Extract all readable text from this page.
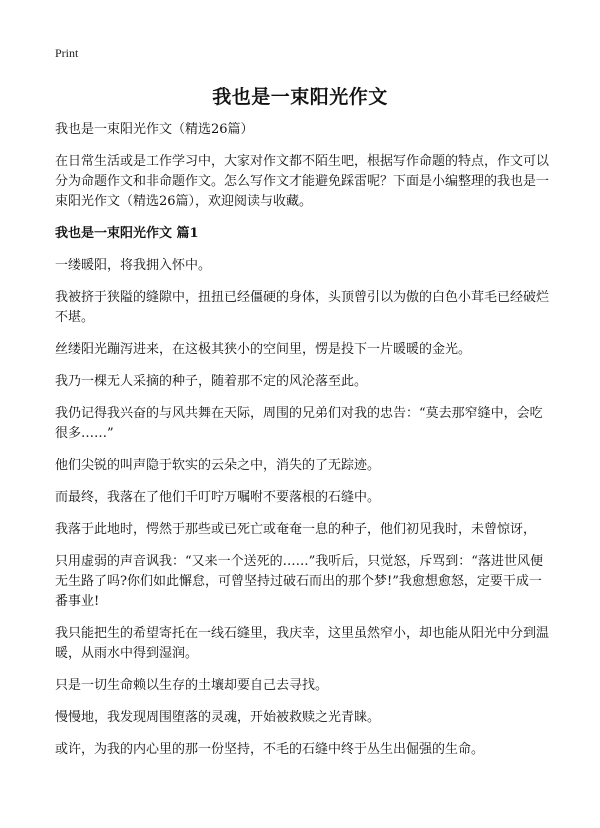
Print
我也是一束阳光作文

我也是一束阳光作文（精选26篇）

在日常生活或是工作学习中，大家对作文都不陌生吧，根据写作命题的特点，作文可以分为命题作文和非命题作文。怎么写作文才能避免踩雷呢？下面是小编整理的我也是一束阳光作文（精选26篇），欢迎阅读与收藏。

我也是一束阳光作文 篇1

一缕暖阳，将我拥入怀中。

我被挤于狭隘的缝隙中，扭扭已经僵硬的身体，头顶曾引以为傲的白色小茸毛已经破烂不堪。

丝缕阳光蹦泻进来，在这极其狭小的空间里，愣是投下一片暖暖的金光。

我乃一棵无人采摘的种子，随着那不定的风沦落至此。

我仍记得我兴奋的与风共舞在天际，周围的兄弟们对我的忠告：“莫去那窄缝中，会吃很多……”

他们尖锐的叫声隐于软实的云朵之中，消失的了无踪迹。

而最终，我落在了他们千叮咛万嘱咐不要落根的石缝中。

我落于此地时，愕然于那些或已死亡或奄奄一息的种子，他们初见我时，未曾惊讶，

只用虚弱的声音讽我：“又来一个送死的……”我听后，只觉怒，斥骂到：“落进世风便无生路了吗?你们如此懈怠，可曾坚持过破石而出的那个梦!”我愈想愈怒，定要干成一番事业!

我只能把生的希望寄托在一线石缝里，我庆幸，这里虽然窄小，却也能从阳光中分到温暖，从雨水中得到湿润。

只是一切生命赖以生存的土壤却要自己去寻找。

慢慢地，我发现周围堕落的灵魂，开始被救赎之光青睐。

或许，为我的内心里的那一份坚持，不毛的石缝中终于丛生出倔强的生命。
